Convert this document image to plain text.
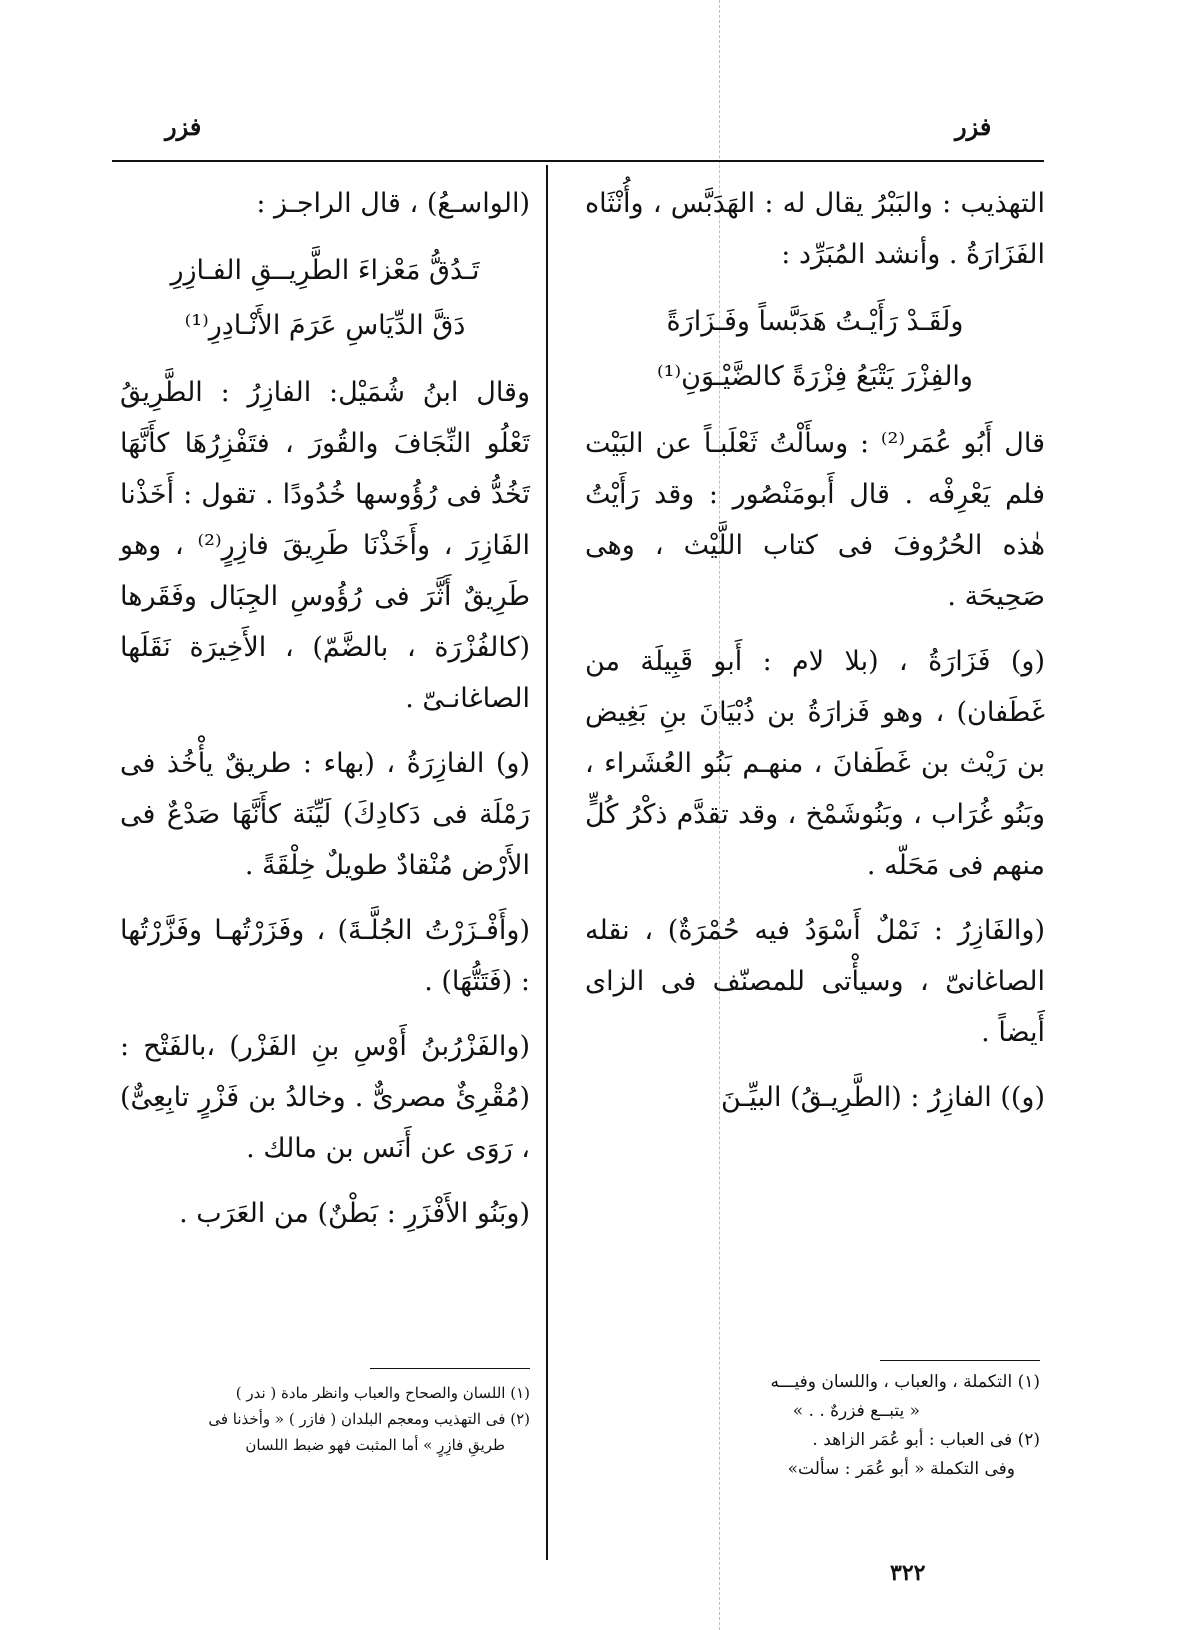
فزر
فزر

التهذيب : والبَبْرُ يقال له : الهَدَبَّس ، وأُنْثَاه الفَزَارَةُ . وأنشد المُبَرِّد :

ولَقَـدْ رَأَيْـتُ هَدَبَّساً وفَـزَارَةً
والفِزْرَ يَتْبَعُ فِزْرَةً كالضَّيْـوَنِ⁽¹⁾

قال أَبُو عُمَر⁽²⁾ : وسأَلْتُ ثَعْلَبـاً عن البَيْت فلم يَعْرِفْه . قال أَبومَنْصُور : وقد رَأَيْتُ هٰذه الحُرُوفَ فى كتاب اللَّيْث ، وهى صَحِيحَة .

(و) فَزَارَةُ ، (بلا لام : أَبو قَبِيلَة من غَطَفان) ، وهو فَزارَةُ بن ذُبْيَانَ بنِ بَغِيض بن رَيْث بن غَطَفانَ ، منهـم بَنُو العُشَراء ، وبَنُو غُرَاب ، وبَنُوشَمْخ ، وقد تقدَّم ذكْرُ كُلٍّ منهم فى مَحَلّه .

(والفَازِرُ : نَمْلٌ أَسْوَدُ فيه حُمْرَةٌ) ، نقله الصاغانىّ ، وسيأْتى للمصنّف فى الزاى أَيضاً .

(و)) الفازِرُ : (الطَّرِيـقُ) البيِّـنَ

(الواسـعُ) ، قال الراجـز :

تَـدُقُّ مَعْزاءَ الطَّرِيــقِ الفـازِرِ
دَقَّ الدِّيَاسِ عَرَمَ الأَنْـادِرِ⁽¹⁾

وقال ابنُ شُمَيْل: الفازِرُ : الطَّرِيقُ تَعْلُو النِّجَافَ والقُورَ ، فتَفْزِرُهَا كأَنَّهَا تَخُدُّ فى رُؤُوسها خُدُودًا . تقول : أَخَذْنا الفَازِرَ ، وأَخَذْنَا طَرِيقَ فازِرٍ⁽²⁾ ، وهو طَرِيقٌ أَثَّرَ فى رُؤُوسِ الجِبَال وفَقَرها (كالفُزْرَة ، بالضَّمّ) ، الأَخِيرَة نَقَلَها الصاغانـىّ .

(و) الفازِرَةُ ، (بهاء : طريقٌ يأْخُذ فى رَمْلَة فى دَكادِكَ) لَيِّنَة كأَنَّهَا صَدْعٌ فى الأَرْض مُنْقادٌ طويلٌ خِلْقَةً .

(وأَفْـزَرْتُ الجُلَّـةَ) ، وفَزَرْتُهـا وفَزَّرْتُها : (فَتَتُّهَا) .

(والفَزْرُبنُ أَوْسِ بنِ الفَزْر) ،بالفَتْح : (مُقْرِئٌ مصرىٌّ . وخالدُ بن فَزْرٍ تابِعِىٌّ) ، رَوَى عن أَنَس بن مالك .

(وبَنُو الأَفْزَرِ : بَطْنٌ) من العَرَب .

(١) التكملة ، والعباب ، واللسان وفيـــه

« يتبــع فزرهٌ . . »

(٢) فى العباب : أبو عُمَر الزاهد .

وفى التكملة « أبو عُمَر : سألت»

(١) اللسان والصحاح والعباب وانظر مادة ( ندر )

(٢) فى التهذيب ومعجم البلدان ( فازر ) « وأخذنا فى

طريقِ فازِرٍ » أما المثبت فهو ضبط اللسان

٣٢٢
